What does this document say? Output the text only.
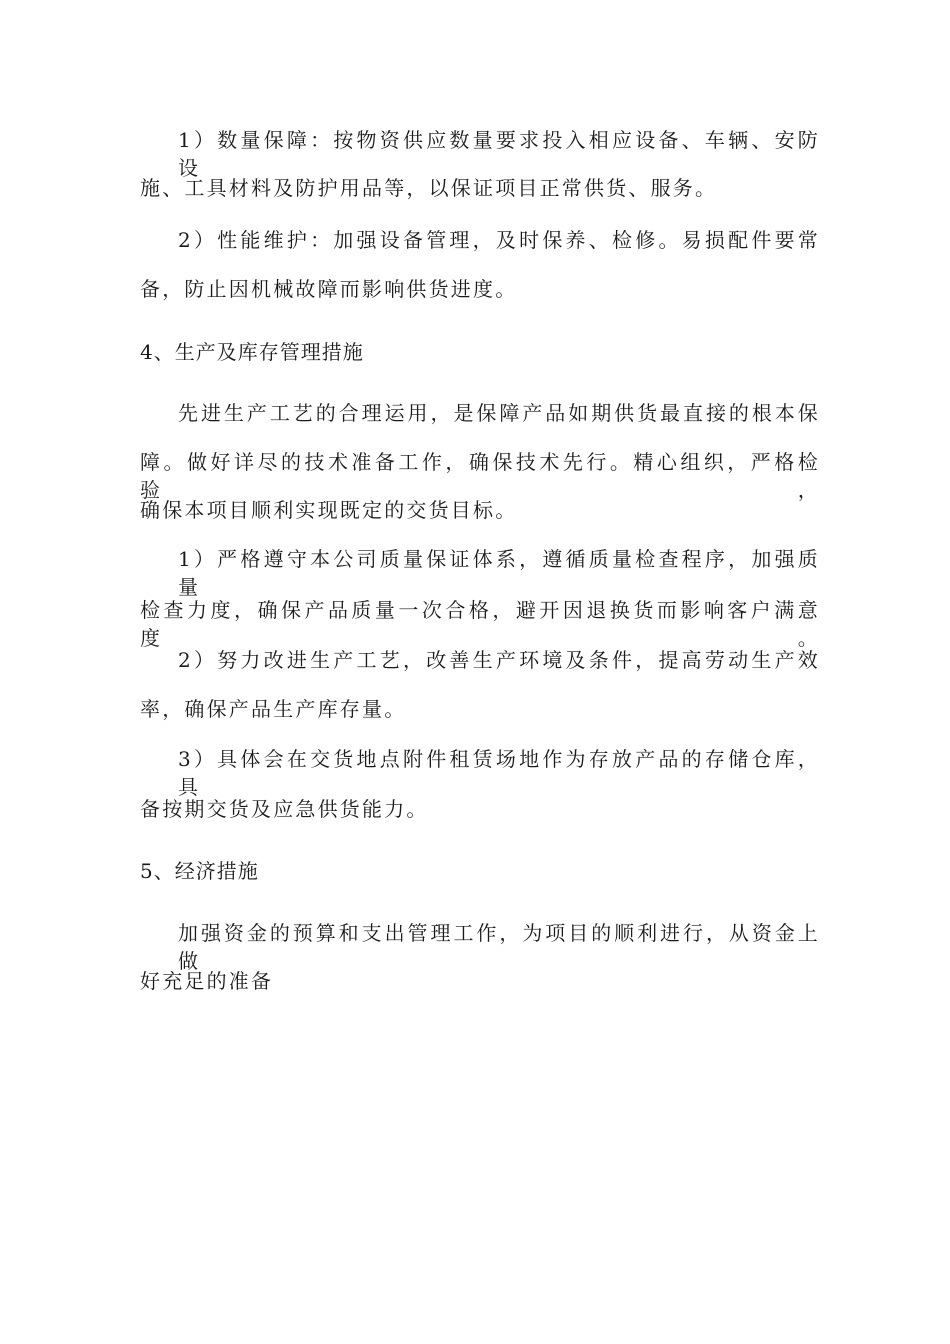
1）数量保障：按物资供应数量要求投入相应设备、车辆、安防 设
施、工具材料及防护用品等，以保证项目正常供货、服务。
2）性能维护：加强设备管理，及时保养、检修。易损配件要常
备，防止因机械故障而影响供货进度。
4、生产及库存管理措施
先进生产工艺的合理运用，是保障产品如期供货最直接的根本保
障。做好详尽的技术准备工作，确保技术先行。精心组织，严格检验，
确保本项目顺利实现既定的交货目标。
1）严格遵守本公司质量保证体系，遵循质量检查程序，加强质 量
检查力度，确保产品质量一次合格，避开因退换货而影响客户满意 度。
2）努力改进生产工艺，改善生产环境及条件，提高劳动生产效
率，确保产品生产库存量。
3）具体会在交货地点附件租赁场地作为存放产品的存储仓库， 具
备按期交货及应急供货能力。
5、经济措施
加强资金的预算和支出管理工作，为项目的顺利进行，从资金上 做
好充足的准备
